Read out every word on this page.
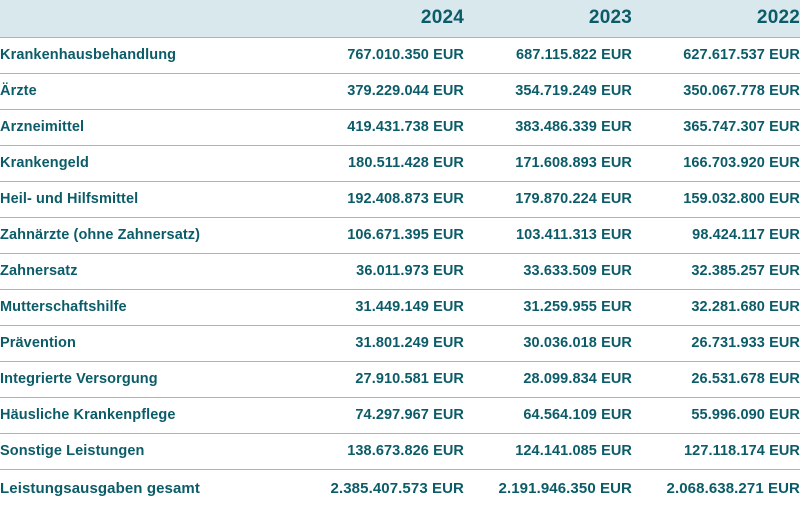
	2024	2023	2022
Krankenhausbehandlung	767.010.350 EUR	687.115.822 EUR	627.617.537 EUR
Ärzte	379.229.044 EUR	354.719.249 EUR	350.067.778 EUR
Arzneimittel	419.431.738 EUR	383.486.339 EUR	365.747.307 EUR
Krankengeld	180.511.428 EUR	171.608.893 EUR	166.703.920 EUR
Heil- und Hilfsmittel	192.408.873 EUR	179.870.224 EUR	159.032.800 EUR
Zahnärzte (ohne Zahnersatz)	106.671.395 EUR	103.411.313 EUR	98.424.117 EUR
Zahnersatz	36.011.973 EUR	33.633.509 EUR	32.385.257 EUR
Mutterschaftshilfe	31.449.149 EUR	31.259.955 EUR	32.281.680 EUR
Prävention	31.801.249 EUR	30.036.018 EUR	26.731.933 EUR
Integrierte Versorgung	27.910.581 EUR	28.099.834 EUR	26.531.678 EUR
Häusliche Krankenpflege	74.297.967 EUR	64.564.109 EUR	55.996.090 EUR
Sonstige Leistungen	138.673.826 EUR	124.141.085 EUR	127.118.174 EUR
Leistungsausgaben gesamt	2.385.407.573 EUR	2.191.946.350 EUR	2.068.638.271 EUR
